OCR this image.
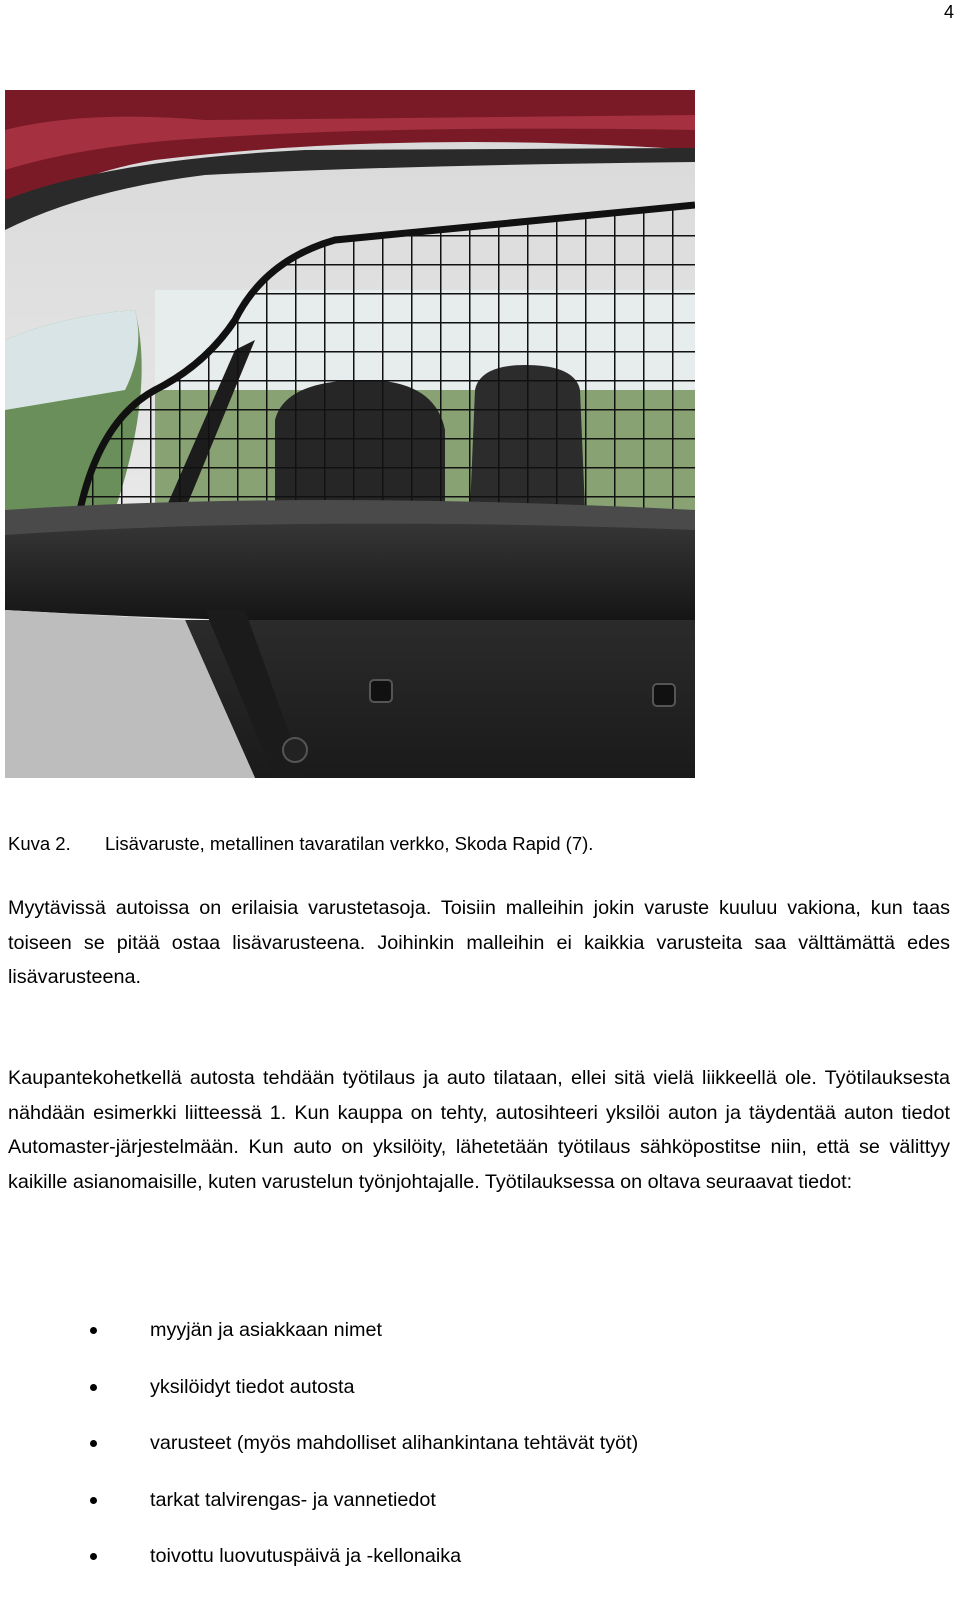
4
Kuva 2. Lisävaruste, metallinen tavaratilan verkko, Skoda Rapid (7).

Myytävissä autoissa on erilaisia varustetasoja. Toisiin malleihin jokin varuste kuuluu vakiona, kun taas toiseen se pitää ostaa lisävarusteena. Joihinkin malleihin ei kaikkia varusteita saa välttämättä edes lisävarusteena.

Kaupantekohetkellä autosta tehdään työtilaus ja auto tilataan, ellei sitä vielä liikkeellä ole. Työtilauksesta nähdään esimerkki liitteessä 1. Kun kauppa on tehty, autosihteeri yksilöi auton ja täydentää auton tiedot Automaster-järjestelmään. Kun auto on yksilöity, lähetetään työtilaus sähköpostitse niin, että se välittyy kaikille asianomaisille, kuten varustelun työnjohtajalle. Työtilauksessa on oltava seuraavat tiedot:

myyjän ja asiakkaan nimet
yksilöidyt tiedot autosta
varusteet (myös mahdolliset alihankintana tehtävät työt)
tarkat talvirengas- ja vannetiedot
toivottu luovutuspäivä ja -kellonaika
